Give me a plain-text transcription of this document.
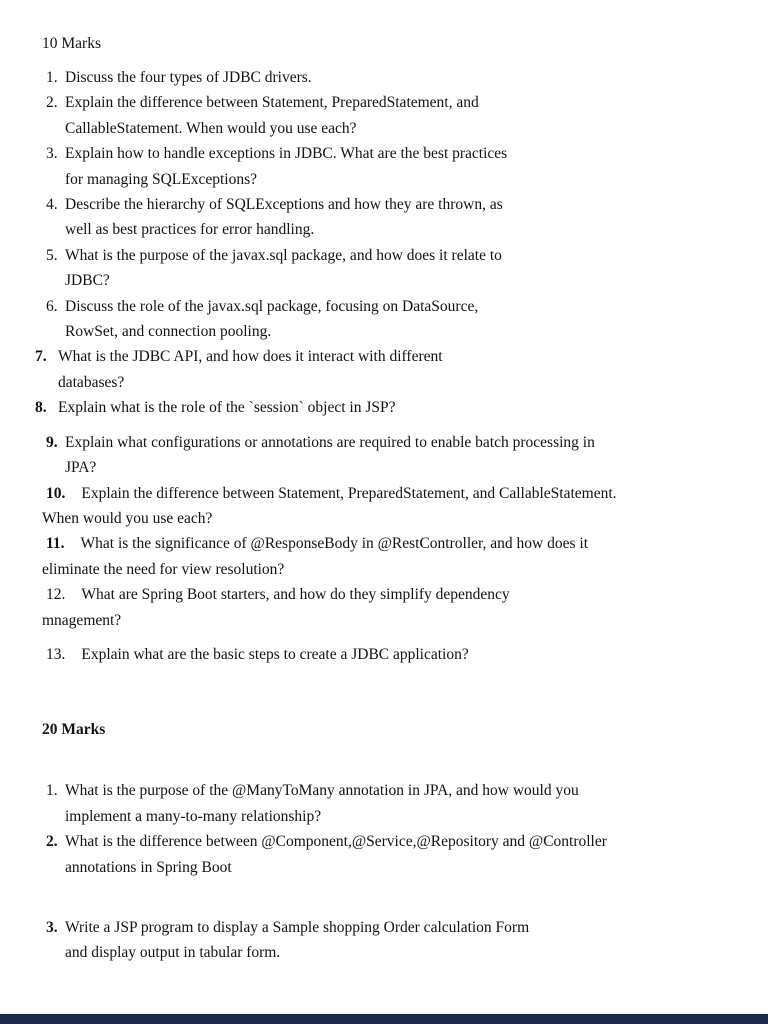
10 Marks
1. Discuss the four types of JDBC drivers.
2. Explain the difference between Statement, PreparedStatement, and
CallableStatement. When would you use each?
3. Explain how to handle exceptions in JDBC. What are the best practices
for managing SQLExceptions?
4. Describe the hierarchy of SQLExceptions and how they are thrown, as
well as best practices for error handling.
5. What is the purpose of the javax.sql package, and how does it relate to
JDBC?
6. Discuss the role of the javax.sql package, focusing on DataSource,
RowSet, and connection pooling.
7. What is the JDBC API, and how does it interact with different
databases?
8. Explain what is the role of the `session` object in JSP?
9. Explain what configurations or annotations are required to enable batch processing in
JPA?
10. Explain the difference between Statement, PreparedStatement, and CallableStatement.
When would you use each?
11. What is the significance of @ResponseBody in @RestController, and how does it
eliminate the need for view resolution?
12. What are Spring Boot starters, and how do they simplify dependency
mnagement?
13. Explain what are the basic steps to create a JDBC application?
20 Marks
1. What is the purpose of the @ManyToMany annotation in JPA, and how would you
implement a many-to-many relationship?
2. What is the difference between @Component,@Service,@Repository and @Controller
annotations in Spring Boot
3. Write a JSP program to display a Sample shopping Order calculation Form
and display output in tabular form.
